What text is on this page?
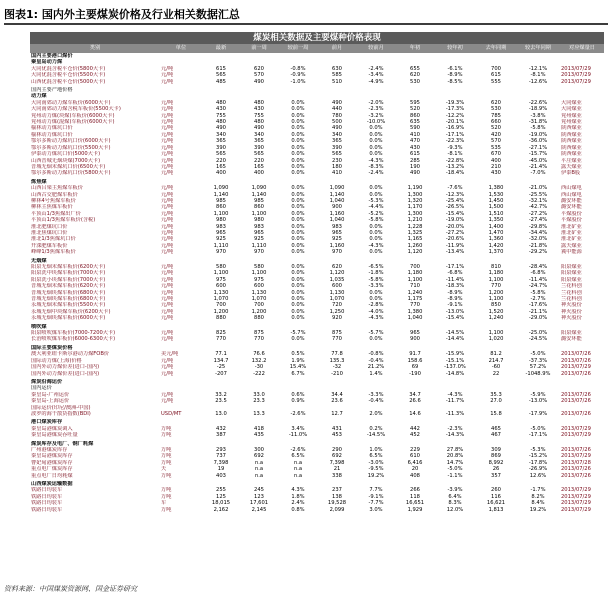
图表1: 国内外主要煤炭价格及行业相关数据汇总
煤炭相关数据及主要煤种价格表现
类别	单位	最新	前一周	较前一周	前月	较前月	年初	较年初	去年同期	较去年同期	对应煤量日
国内主要港口煤价											
秦皇岛动力煤											
大同优混含税平仓价(5800大卡)	元/吨	615	620	-0.8%	630	-2.4%	655	-6.1%	700	-12.1%	2013/07/29
大同优混含税平仓价(5500大卡)	元/吨	565	570	-0.9%	585	-3.4%	620	-8.9%	615	-8.1%	2013/07/29
山西优混含税平仓价(5000大卡)	元/吨	485	490	-1.0%	510	-4.9%	530	-8.5%	555	-12.6%	2013/07/29

国内主要产地价格											
动力煤											
大同南郊动力煤车板价(6000大卡)	元/吨	480	480	0.0%	490	-2.0%	595	-19.3%	620	-22.6%	大同煤业
大同南郊动力煤含税车板价(5500大卡)	元/吨	430	430	0.0%	440	-2.3%	520	-17.3%	530	-18.9%	大同煤业
兖州动力煤(块煤)车板价(6000大卡)	元/吨	755	755	0.0%	780	-3.2%	860	-12.2%	785	-3.8%	兖州煤业
兖州动力煤(混煤)车板价(6000大卡)	元/吨	480	480	0.0%	500	-10.0%	635	-20.1%	660	-31.8%	兖州煤业
榆林动力煤坑口价	元/吨	490	490	0.0%	490	0.0%	590	-16.9%	520	-5.8%	陕西煤业
榆林动力煤坑口价	元/吨	340	340	0.0%	340	0.0%	410	-17.1%	420	-19.0%	陕西煤业
鄂尔多斯动力煤坑口价(6000大卡)	元/吨	365	365	0.0%	365	0.0%	470	-22.3%	570	-36.0%	陕西煤业
鄂尔多斯动力煤坑口价(5500大卡)	元/吨	390	390	0.0%	390	0.0%	430	-9.3%	535	-27.1%	陕西煤业
伊泰动力煤坑口价(5000大卡)	元/吨	565	565	0.0%	565	0.0%	615	-8.1%	670	-15.7%	陕西煤业
山西晋城无烟块煤(7000大卡)	元/吨	220	220	0.0%	230	-4.3%	285	-22.8%	400	-45.0%	平庄煤业
晋城无烟末煤坑口价(6500大卡)	元/吨	165	165	0.0%	180	-8.3%	190	-13.2%	210	-21.4%	露天煤业
鄂尔多斯动力煤坑口价(5800大卡)	元/吨	400	400	0.0%	410	-2.4%	490	-18.4%	430	-7.0%	伊泰B股

炼焦煤											
山西吕梁主焦煤车板价	元/吨	1,090	1,090	0.0%	1,090	0.0%	1,190	-7.6%	1,380	-21.0%	西山煤电
山西古交肥煤车板价	元/吨	1,140	1,140	0.0%	1,140	0.0%	1,300	-12.3%	1,530	-25.5%	西山煤电
柳林4号焦煤车板价	元/吨	985	985	0.0%	1,040	-5.3%	1,320	-25.4%	1,450	-32.1%	潞安环能
柳林主焦煤车板价	元/吨	860	860	0.0%	900	-4.4%	1,170	-26.5%	1,500	-42.7%	潞安环能
平顶山1/3焦煤出厂价	元/吨	1,100	1,100	0.0%	1,160	-5.2%	1,300	-15.4%	1,510	-27.2%	平煤股份
平顶山1/3焦煤车板价(含税)	元/吨	980	980	0.0%	1,040	-5.8%	1,210	-19.0%	1,350	-27.4%	平煤股份
淮北肥煤坑口价	元/吨	983	983	0.0%	983	0.0%	1,228	-20.0%	1,400	-29.8%	淮北矿业
淮北焦煤坑口价	元/吨	965	965	0.0%	965	0.0%	1,325	-27.2%	1,470	-34.4%	淮北矿业
淮北1/3焦煤坑口价	元/吨	925	925	0.0%	925	0.0%	1,165	-20.6%	1,360	-32.0%	淮北矿业
开滦肥煤车板价	元/吨	1,110	1,110	0.0%	1,160	-4.3%	1,260	-11.9%	1,420	-21.8%	露天煤业
峰峰1/3焦煤车板价	元/吨	970	970	0.0%	970	0.0%	1,120	-13.4%	1,370	-29.2%	冀中能源

无烟煤											
阳泉无烟末煤车板价(6200大卡)	元/吨	580	580	0.0%	620	-6.5%	700	-17.1%	810	-28.4%	阳泉煤业
阳泉洗中块煤车板价(7000大卡)	元/吨	1,100	1,100	0.0%	1,120	-1.8%	1,180	-6.8%	1,180	-6.8%	阳泉煤业
阳泉洗小块煤车板价(7000大卡)	元/吨	975	975	0.0%	1,035	-5.8%	1,100	-11.4%	1,100	-11.4%	阳泉煤业
晋城无烟末煤车板价(6200大卡)	元/吨	600	600	0.0%	600	-3.3%	710	-18.3%	770	-24.7%	兰花科创
晋城无烟块煤车板价(6800大卡)	元/吨	1,130	1,130	0.0%	1,130	0.0%	1,240	-8.9%	1,200	-5.8%	兰花科创
晋城无烟块煤车板价(6800大卡)	元/吨	1,070	1,070	0.0%	1,070	0.0%	1,175	-8.9%	1,100	-2.7%	兰花科创
永城无烟末煤车板价(5500大卡)	元/吨	700	700	0.0%	720	-2.8%	770	-9.1%	850	-17.6%	神火股份
永城无烟中块煤车板价(6200大卡)	元/吨	1,200	1,200	0.0%	1,250	-4.0%	1,380	-13.0%	1,520	-21.1%	神火股份
永城无烟块煤车板价(6000大卡)	元/吨	880	880	0.0%	920	-4.3%	1,040	-15.4%	1,240	-29.0%	神火股份

喷吹煤											
阳泉喷吹煤车板价(7000-7200大卡)	元/吨	825	875	-5.7%	875	-5.7%	965	-14.5%	1,100	-25.0%	阳泉煤业
长治喷吹煤车板价(6000-6300大卡)	元/吨	770	770	0.0%	770	0.0%	900	-14.4%	1,020	-24.5%	潞安环能

国际主要煤炭价格											
澳大利亚纽卡斯尔港动力煤FOB价	美元/吨	77.1	76.6	0.5%	77.8	-0.8%	91.7	-15.9%	81.2	-5.0%	2013/07/26
国际动力煤(上海)价格	元/吨	134.7	132.2	1.9%	135.3	-0.4%	158.6	-15.1%	214.7	-37.3%	2013/07/26
国内外动力煤价差(进口-国内)	元/吨	-25	-30	15.4%	-32	21.2%	69	-137.0%	-60	57.2%	2013/07/29
国内外动力煤价差(进口-国内)	元/吨	-207	-222	6.7%	-210	1.4%	-190	-14.8%	22	-1048.9%	2013/07/26

煤炭沿海运价											
国内运价											
秦皇岛-广州运价	元/吨	33.2	33.0	0.6%	34.4	-3.3%	34.7	-4.3%	35.3	-5.9%	2013/07/26
秦皇岛-上海运价	元/吨	23.5	23.3	0.9%	23.6	-0.4%	26.6	-11.7%	27.0	-13.0%	2013/07/26
国际运价(印尼/澳洲-中国)											
波罗的海干散货指数(BDI)	USD/MT	13.0	13.3	-2.6%	12.7	2.0%	14.6	-11.3%	15.8	-17.9%	2013/07/26

港口煤炭库存											
秦皇岛港煤炭调入	万吨	432	418	3.4%	431	0.2%	442	-2.3%	465	-5.0%	2013/07/29
秦皇岛港煤炭吞吐量	万吨	387	435	-11.0%	453	-14.5%	452	-14.3%	467	-17.1%	2013/07/29

煤炭库存及电厂、钢厂耗煤											
广州港煤炭库存	万吨	293	300	-2.6%	290	1.0%	229	27.8%	309	-5.3%	2013/07/26
秦皇岛港煤炭库存	万吨	737	692	6.5%	692	6.5%	610	20.8%	869	-15.2%	2013/07/29
曹妃甸港煤炭库存	万吨	7,398	n.a	n.a	7,398	-3.0%	6,416	14.7%	8,992	-17.8%	2013/07/28
重点电厂煤炭库存	天	19	n.a	n.a	21	-9.5%	20	-5.0%	26	-26.9%	2013/07/26
重点电厂日均耗煤	万吨	403	n.a	n.a	338	19.2%	408	-1.1%	357	12.6%	2013/07/26

山西煤炭运输数据											
铁路日均装车	万吨	255	245	4.3%	237	7.7%	266	-3.9%	260	-1.7%	2013/07/29
铁路日均装车	万吨	125	123	1.8%	138	-9.1%	118	6.4%	116	8.2%	2013/07/29
铁路日均装车	车	18,015	17,601	2.4%	19,528	-7.7%	16,651	8.3%	16,621	8.4%	2013/07/29
铁路日均装车	万吨	2,162	2,145	0.8%	2,099	3.0%	1,929	12.0%	1,813	19.2%	2013/07/29
资料来源：中国煤炭资源网、国金证券研究
